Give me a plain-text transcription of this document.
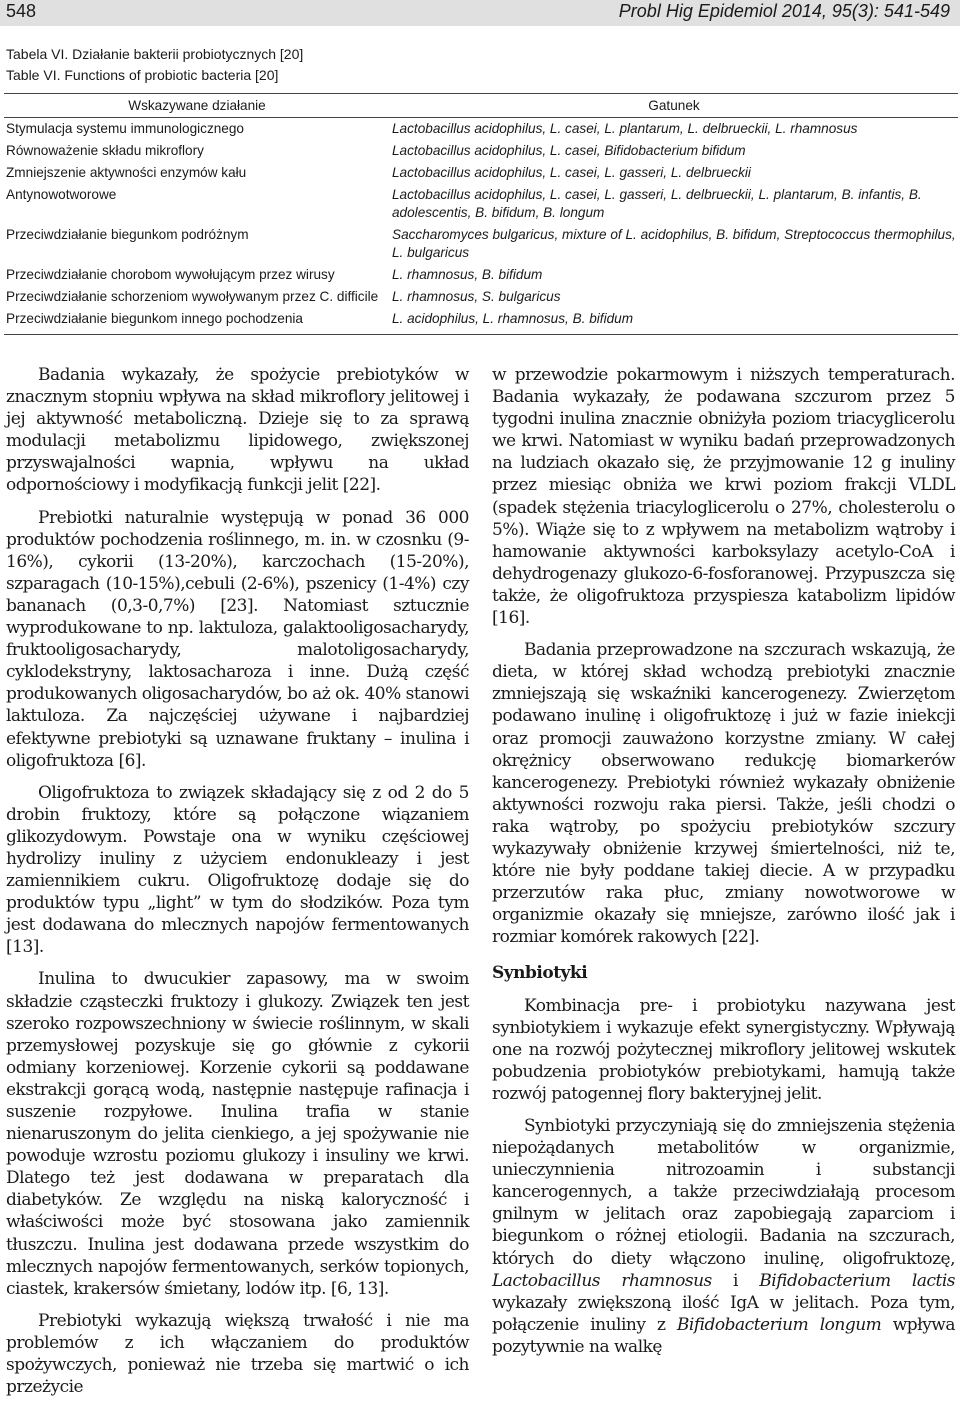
548	Probl Hig Epidemiol 2014, 95(3): 541-549
Tabela VI. Działanie bakterii probiotycznych [20]
Table VI. Functions of probiotic bacteria [20]
Wskazywane działanie	Gatunek
Stymulacja systemu immunologicznego	Lactobacillus acidophilus, L. casei, L. plantarum, L. delbrueckii, L. rhamnosus
Równoważenie składu mikroflory	Lactobacillus acidophilus, L. casei, Bifidobacterium bifidum
Zmniejszenie aktywności enzymów kału	Lactobacillus acidophilus, L. casei, L. gasseri, L. delbrueckii
Antynowotworowe	Lactobacillus acidophilus, L. casei, L. gasseri, L. delbrueckii, L. plantarum, B. infantis, B. adolescentis, B. bifidum, B. longum
Przeciwdziałanie biegunkom podróżnym	Saccharomyces bulgaricus, mixture of L. acidophilus, B. bifidum, Streptococcus thermophilus, L. bulgaricus
Przeciwdziałanie chorobom wywołującym przez wirusy	L. rhamnosus, B. bifidum
Przeciwdziałanie schorzeniom wywoływanym przez C. difficile	L. rhamnosus, S. bulgaricus
Przeciwdziałanie biegunkom innego pochodzenia	L. acidophilus, L. rhamnosus, B. bifidum

Badania wykazały, że spożycie prebiotyków w znacznym stopniu wpływa na skład mikroflory jelitowej i jej aktywność metaboliczną. Dzieje się to za sprawą modulacji metabolizmu lipidowego, zwiększonej przyswajalności wapnia, wpływu na układ odpornościowy i modyfikacją funkcji jelit [22].

Prebiotki naturalnie występują w ponad 36 000 produktów pochodzenia roślinnego, m. in. w czosnku (9-16%), cykorii (13-20%), karczochach (15-20%), szparagach (10-15%),cebuli (2-6%), pszenicy (1-4%) czy bananach (0,3-0,7%) [23]. Natomiast sztucznie wyprodukowane to np. laktuloza, galaktooligosacharydy, fruktooligosacharydy, malotoligosacharydy, cyklodekstryny, laktosacharoza i inne. Dużą część produkowanych oligosacharydów, bo aż ok. 40% stanowi laktuloza. Za najczęściej używane i najbardziej efektywne prebiotyki są uznawane fruktany – inulina i oligofruktoza [6].

Oligofruktoza to związek składający się z od 2 do 5 drobin fruktozy, które są połączone wiązaniem glikozydowym. Powstaje ona w wyniku częściowej hydrolizy inuliny z użyciem endonukleazy i jest zamiennikiem cukru. Oligofruktozę dodaje się do produktów typu „light” w tym do słodzików. Poza tym jest dodawana do mlecznych napojów fermentowanych [13].

Inulina to dwucukier zapasowy, ma w swoim składzie cząsteczki fruktozy i glukozy. Związek ten jest szeroko rozpowszechniony w świecie roślinnym, w skali przemysłowej pozyskuje się go głównie z cykorii odmiany korzeniowej. Korzenie cykorii są poddawane ekstrakcji gorącą wodą, następnie następuje rafinacja i suszenie rozpyłowe. Inulina trafia w stanie nienaruszonym do jelita cienkiego, a jej spożywanie nie powoduje wzrostu poziomu glukozy i insuliny we krwi. Dlatego też jest dodawana w preparatach dla diabetyków. Ze względu na niską kaloryczność i właściwości może być stosowana jako zamiennik tłuszczu. Inulina jest dodawana przede wszystkim do mlecznych napojów fermentowanych, serków topionych, ciastek, krakersów śmietany, lodów itp. [6, 13].

Prebiotyki wykazują większą trwałość i nie ma problemów z ich włączaniem do produktów spożywczych, ponieważ nie trzeba się martwić o ich przeżycie

w przewodzie pokarmowym i niższych temperaturach. Badania wykazały, że podawana szczurom przez 5 tygodni inulina znacznie obniżyła poziom triacyglicerolu we krwi. Natomiast w wyniku badań przeprowadzonych na ludziach okazało się, że przyjmowanie 12 g inuliny przez miesiąc obniża we krwi poziom frakcji VLDL (spadek stężenia triacyloglicerolu o 27%, cholesterolu o 5%). Wiąże się to z wpływem na metabolizm wątroby i hamowanie aktywności karboksylazy acetylo-CoA i dehydrogenazy glukozo-6-fosforanowej. Przypuszcza się także, że oligofruktoza przyspiesza katabolizm lipidów [16].

Badania przeprowadzone na szczurach wskazują, że dieta, w której skład wchodzą prebiotyki znacznie zmniejszają się wskaźniki kancerogenezy. Zwierzętom podawano inulinę i oligofruktozę i już w fazie iniekcji oraz promocji zauważono korzystne zmiany. W całej okrężnicy obserwowano redukcję biomarkerów kancerogenezy. Prebiotyki również wykazały obniżenie aktywności rozwoju raka piersi. Także, jeśli chodzi o raka wątroby, po spożyciu prebiotyków szczury wykazywały obniżenie krzywej śmiertelności, niż te, które nie były poddane takiej diecie. A w przypadku przerzutów raka płuc, zmiany nowotworowe w organizmie okazały się mniejsze, zarówno ilość jak i rozmiar komórek rakowych [22].

Synbiotyki

Kombinacja pre- i probiotyku nazywana jest synbiotykiem i wykazuje efekt synergistyczny. Wpływają one na rozwój pożytecznej mikroflory jelitowej wskutek pobudzenia probiotyków prebiotykami, hamują także rozwój patogennej flory bakteryjnej jelit.

Synbiotyki przyczyniają się do zmniejszenia stężenia niepożądanych metabolitów w organizmie, unieczynnienia nitrozoamin i substancji kancerogennych, a także przeciwdziałają procesom gnilnym w jelitach oraz zapobiegają zaparciom i biegunkom o różnej etiologii. Badania na szczurach, których do diety włączono inulinę, oligofruktozę, Lactobacillus rhamnosus i Bifidobacterium lactis wykazały zwiększoną ilość IgA w jelitach. Poza tym, połączenie inuliny z Bifidobacterium longum wpływa pozytywnie na walkę
